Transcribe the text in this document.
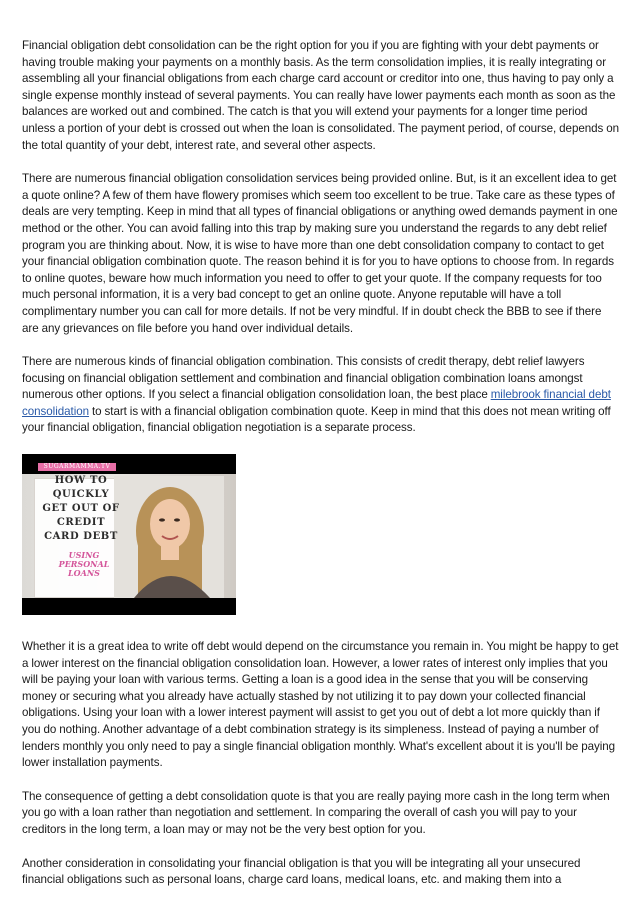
Financial obligation debt consolidation can be the right option for you if you are fighting with your debt payments or having trouble making your payments on a monthly basis. As the term consolidation implies, it is really integrating or assembling all your financial obligations from each charge card account or creditor into one, thus having to pay only a single expense monthly instead of several payments. You can really have lower payments each month as soon as the balances are worked out and combined. The catch is that you will extend your payments for a longer time period unless a portion of your debt is crossed out when the loan is consolidated. The payment period, of course, depends on the total quantity of your debt, interest rate, and several other aspects.

There are numerous financial obligation consolidation services being provided online. But, is it an excellent idea to get a quote online? A few of them have flowery promises which seem too excellent to be true. Take care as these types of deals are very tempting. Keep in mind that all types of financial obligations or anything owed demands payment in one method or the other. You can avoid falling into this trap by making sure you understand the regards to any debt relief program you are thinking about. Now, it is wise to have more than one debt consolidation company to contact to get your financial obligation combination quote. The reason behind it is for you to have options to choose from. In regards to online quotes, beware how much information you need to offer to get your quote. If the company requests for too much personal information, it is a very bad concept to get an online quote. Anyone reputable will have a toll complimentary number you can call for more details. If not be very mindful. If in doubt check the BBB to see if there are any grievances on file before you hand over individual details.

There are numerous kinds of financial obligation combination. This consists of credit therapy, debt relief lawyers focusing on financial obligation settlement and combination and financial obligation combination loans amongst numerous other options. If you select a financial obligation consolidation loan, the best place milebrook financial debt consolidation to start is with a financial obligation combination quote. Keep in mind that this does not mean writing off your financial obligation, financial obligation negotiation is a separate process.

SUGARMAMMA.TV
HOW TO
QUICKLY
GET OUT OF
CREDIT
CARD DEBT
USING PERSONAL
LOANS

Whether it is a great idea to write off debt would depend on the circumstance you remain in. You might be happy to get a lower interest on the financial obligation consolidation loan. However, a lower rates of interest only implies that you will be paying your loan with various terms. Getting a loan is a good idea in the sense that you will be conserving money or securing what you already have actually stashed by not utilizing it to pay down your collected financial obligations. Using your loan with a lower interest payment will assist to get you out of debt a lot more quickly than if you do nothing. Another advantage of a debt combination strategy is its simpleness. Instead of paying a number of lenders monthly you only need to pay a single financial obligation monthly. What's excellent about it is you'll be paying lower installation payments.

The consequence of getting a debt consolidation quote is that you are really paying more cash in the long term when you go with a loan rather than negotiation and settlement. In comparing the overall of cash you will pay to your creditors in the long term, a loan may or may not be the very best option for you.

Another consideration in consolidating your financial obligation is that you will be integrating all your unsecured financial obligations such as personal loans, charge card loans, medical loans, etc. and making them into a
